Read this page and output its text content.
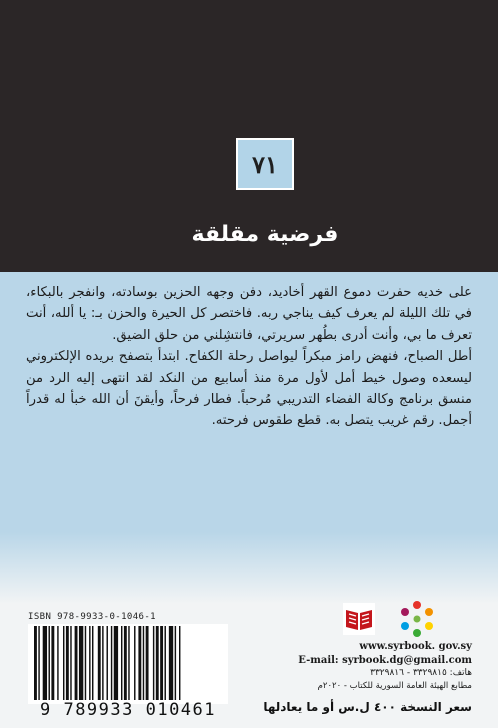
٧١
فرضية مقلقة

على خديه حفرت دموع القهر أخاديد، دفن وجهه الحزين بوسادته، وانفجر بالبكاء، في تلك الليلة لم يعرف كيف يناجي ربه. فاختصر كل الحيرة والحزن بـ: يا ألله، أنت تعرف ما بي، وأنت أدرى بطُهر سريرتي، فانتشِلني من حلق الضيق.

أطل الصباح، فنهض رامز مبكراً ليواصل رحلة الكفاح. ابتدأ بتصفح بريده الإلكتروني ليسعده وصول خيط أمل لأول مرة منذ أسابيع من النكد لقد انتهى إليه الرد من منسق برنامج وكالة الفضاء التدريبي مُرحباً. فطار فرحاً، وأيقنَ أن الله خبأ له قدراً أجمل. رقم غريب يتصل به. قطع طقوس فرحته.

ISBN 978-9933-0-1046-1
9 789933 010461
www.syrbook. gov.sy
E-mail: syrbook.dg@gmail.com
هاتف: ٣٣٢٩٨١٥ - ٣٣٢٩٨١٦
مطابع الهيئة العامة السورية للكتاب - ٢٠٢٠م
سعر النسخة ٤٠٠ ل.س أو ما يعادلها
